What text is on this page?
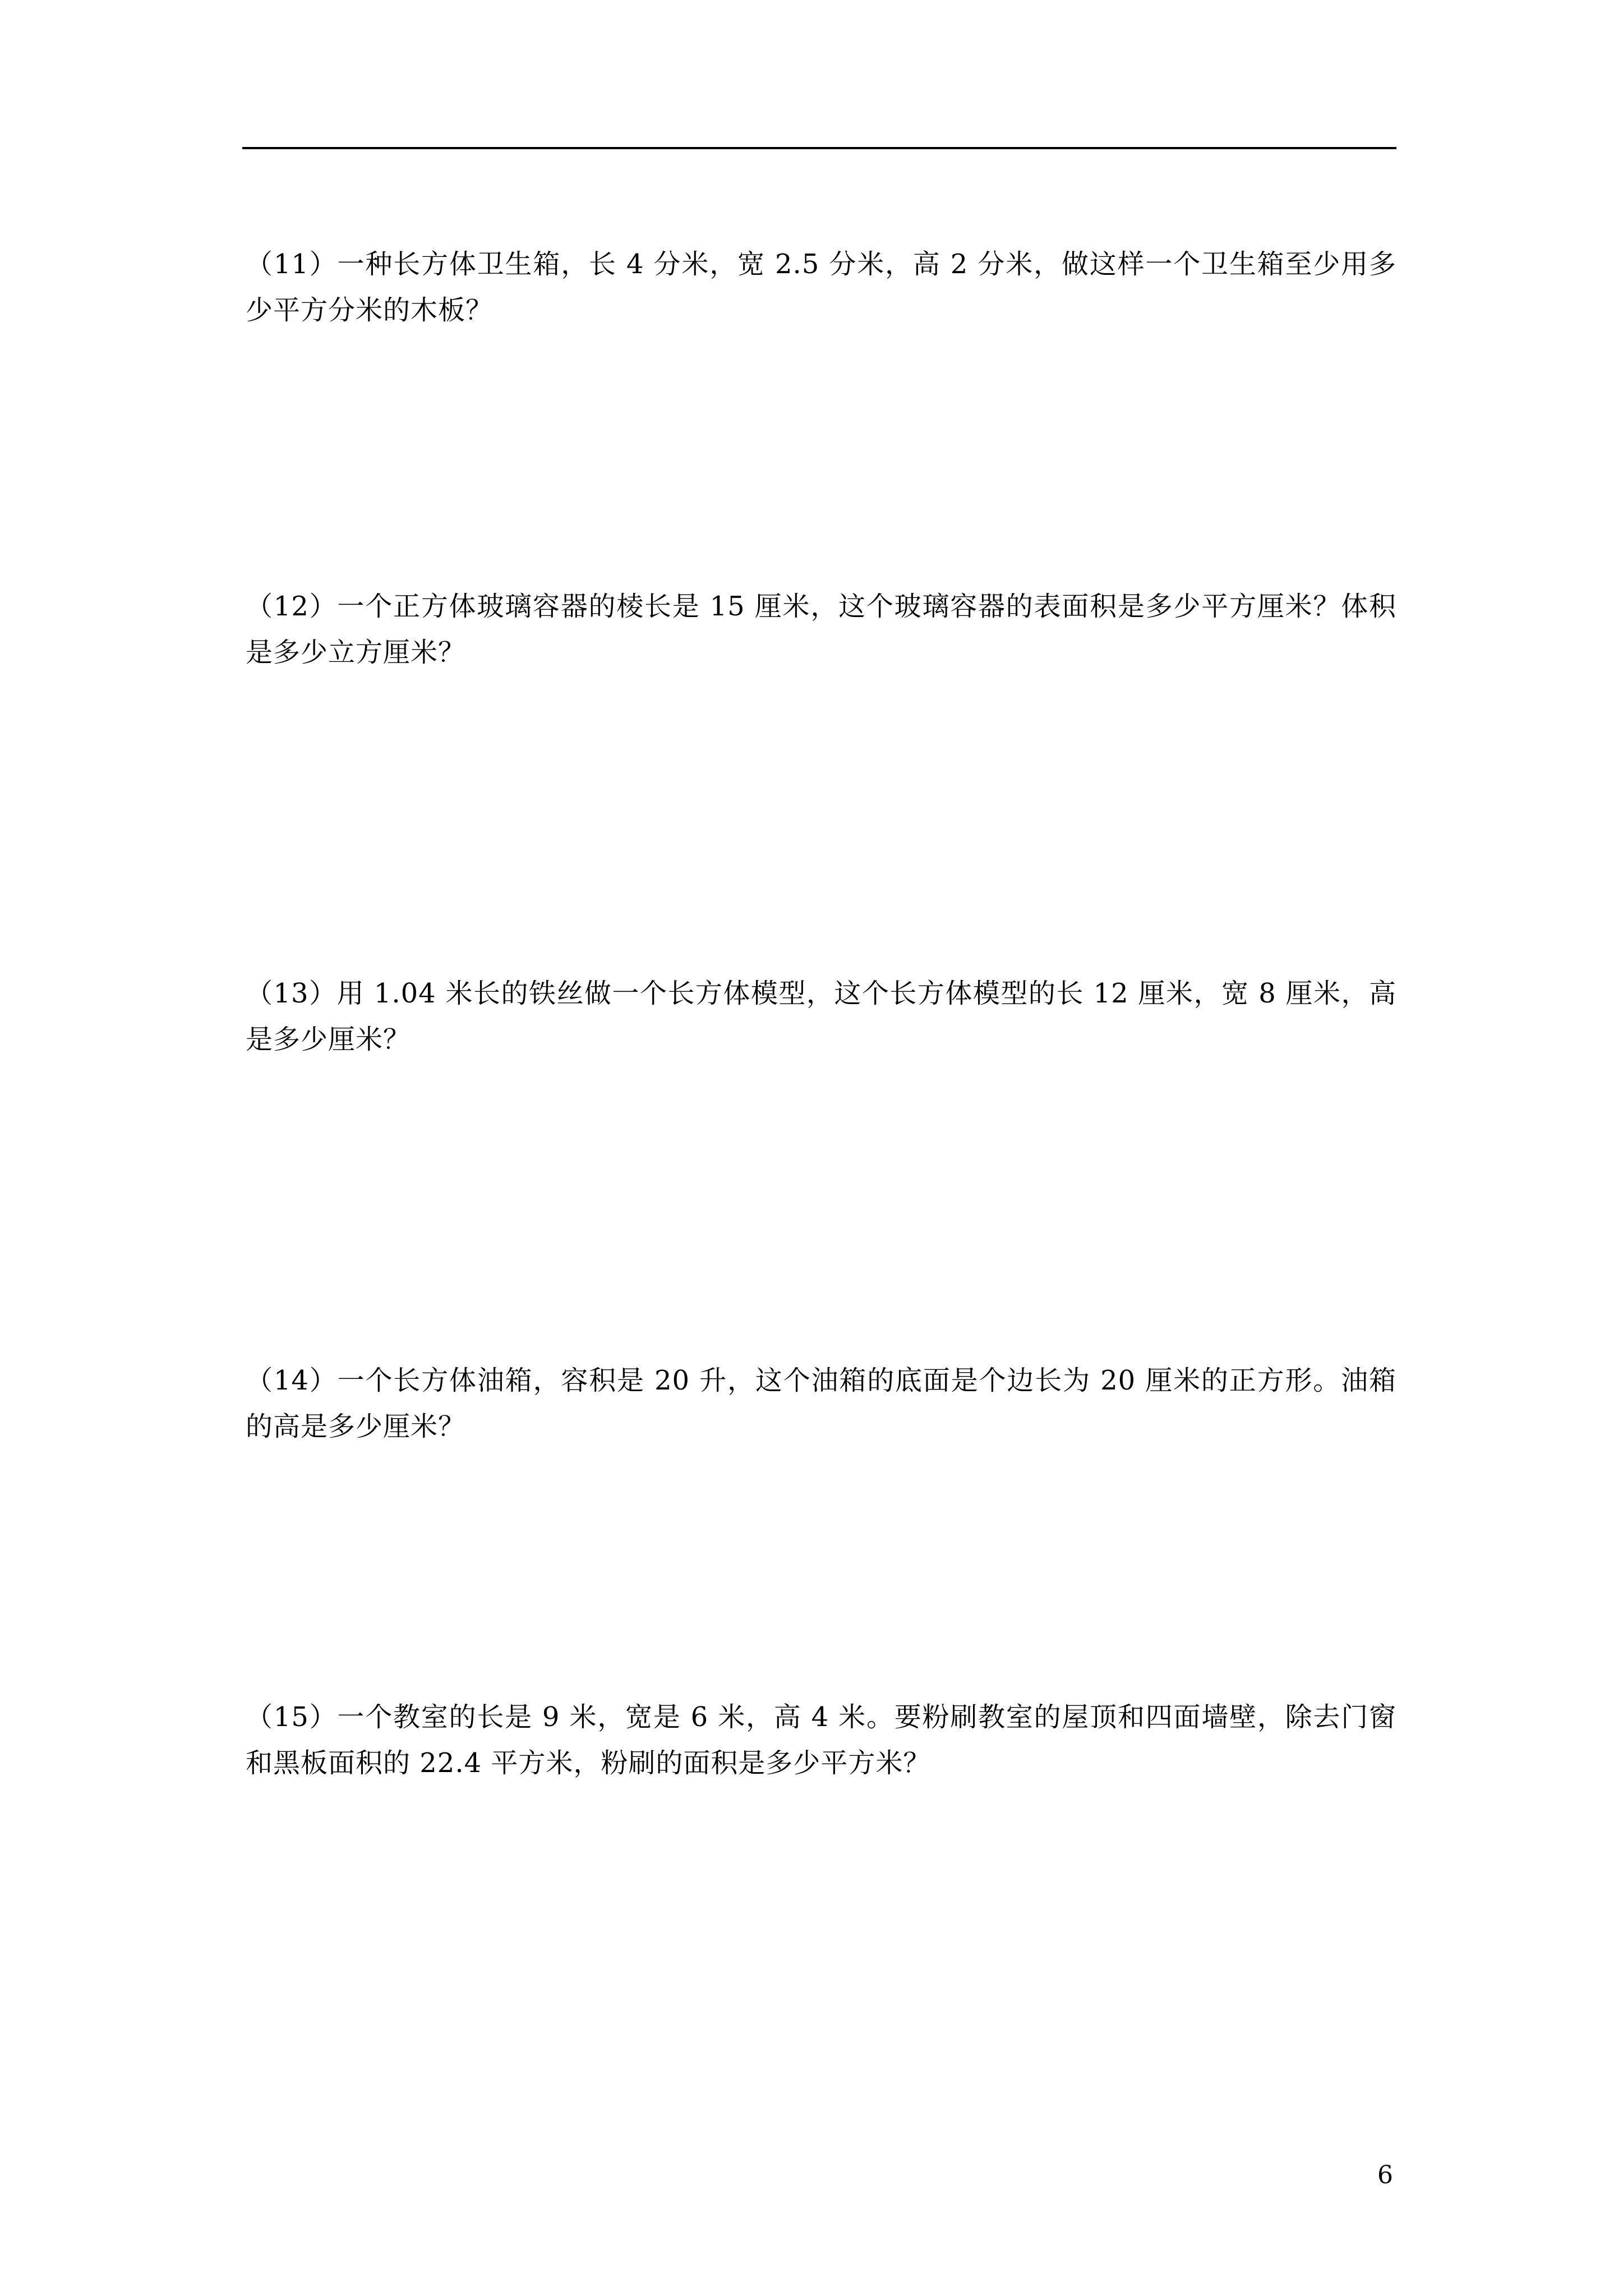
（11）一种长方体卫生箱，长 4 分米，宽 2.5 分米，高 2 分米，做这样一个卫生箱至少用多少平方分米的木板？

（12）一个正方体玻璃容器的棱长是 15 厘米，这个玻璃容器的表面积是多少平方厘米？体积是多少立方厘米？

（13）用 1.04 米长的铁丝做一个长方体模型，这个长方体模型的长 12 厘米，宽 8 厘米，高是多少厘米？

（14）一个长方体油箱，容积是 20 升，这个油箱的底面是个边长为 20 厘米的正方形。油箱的高是多少厘米？

（15）一个教室的长是 9 米，宽是 6 米，高 4 米。要粉刷教室的屋顶和四面墙壁，除去门窗和黑板面积的 22.4 平方米，粉刷的面积是多少平方米？

6
